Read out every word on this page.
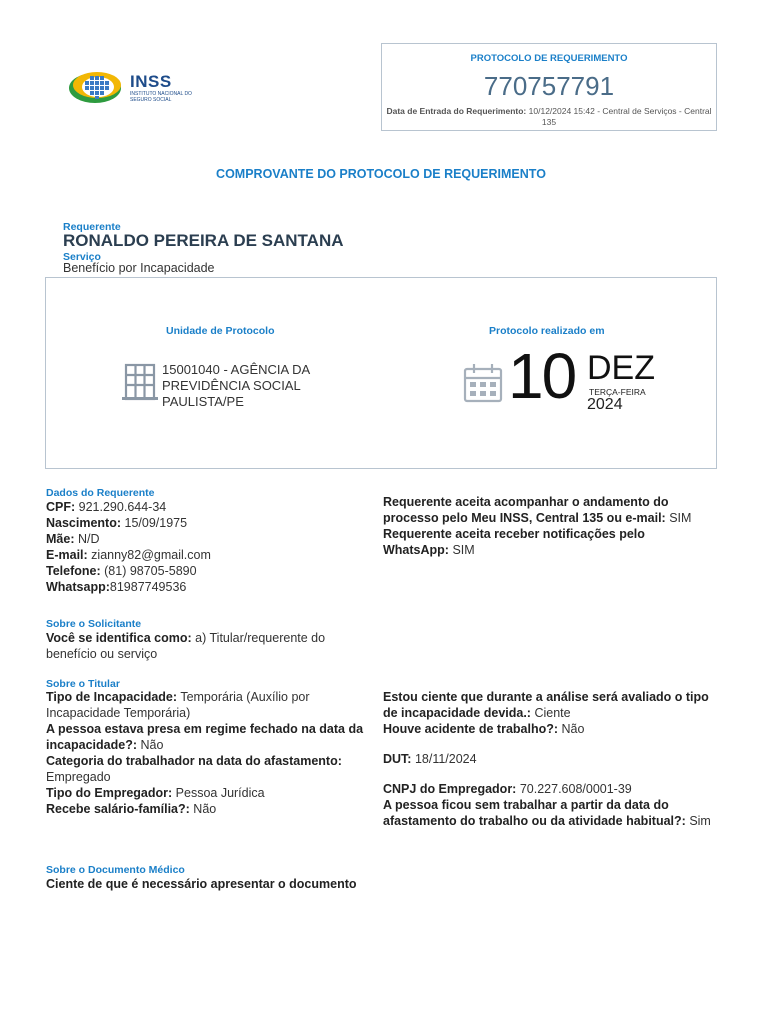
INSS
INSTITUTO NACIONAL DO SEGURO SOCIAL
PROTOCOLO DE REQUERIMENTO
770757791
Data de Entrada do Requerimento: 10/12/2024 15:42 - Central de Serviços - Central 135
COMPROVANTE DO PROTOCOLO DE REQUERIMENTO
Requerente
RONALDO PEREIRA DE SANTANA
Serviço
Benefício por Incapacidade
Unidade de Protocolo
15001040 - AGÊNCIA DA PREVIDÊNCIA SOCIAL PAULISTA/PE
Protocolo realizado em
10 DEZ
TERÇA-FEIRA
2024
Dados do Requerente
CPF: 921.290.644-34
Nascimento: 15/09/1975
Mãe: N/D
E-mail: zianny82@gmail.com
Telefone: (81) 98705-5890
Whatsapp:81987749536
Requerente aceita acompanhar o andamento do processo pelo Meu INSS, Central 135 ou e-mail: SIM
Requerente aceita receber notificações pelo WhatsApp: SIM
Sobre o Solicitante
Você se identifica como: a) Titular/requerente do benefício ou serviço
Sobre o Titular
Tipo de Incapacidade: Temporária (Auxílio por Incapacidade Temporária)
A pessoa estava presa em regime fechado na data da incapacidade?: Não
Categoria do trabalhador na data do afastamento: Empregado
Tipo do Empregador: Pessoa Jurídica
Recebe salário-família?: Não
Estou ciente que durante a análise será avaliado o tipo de incapacidade devida.: Ciente
Houve acidente de trabalho?: Não
DUT: 18/11/2024
CNPJ do Empregador: 70.227.608/0001-39
A pessoa ficou sem trabalhar a partir da data do afastamento do trabalho ou da atividade habitual?: Sim
Sobre o Documento Médico
Ciente de que é necessário apresentar o documento
